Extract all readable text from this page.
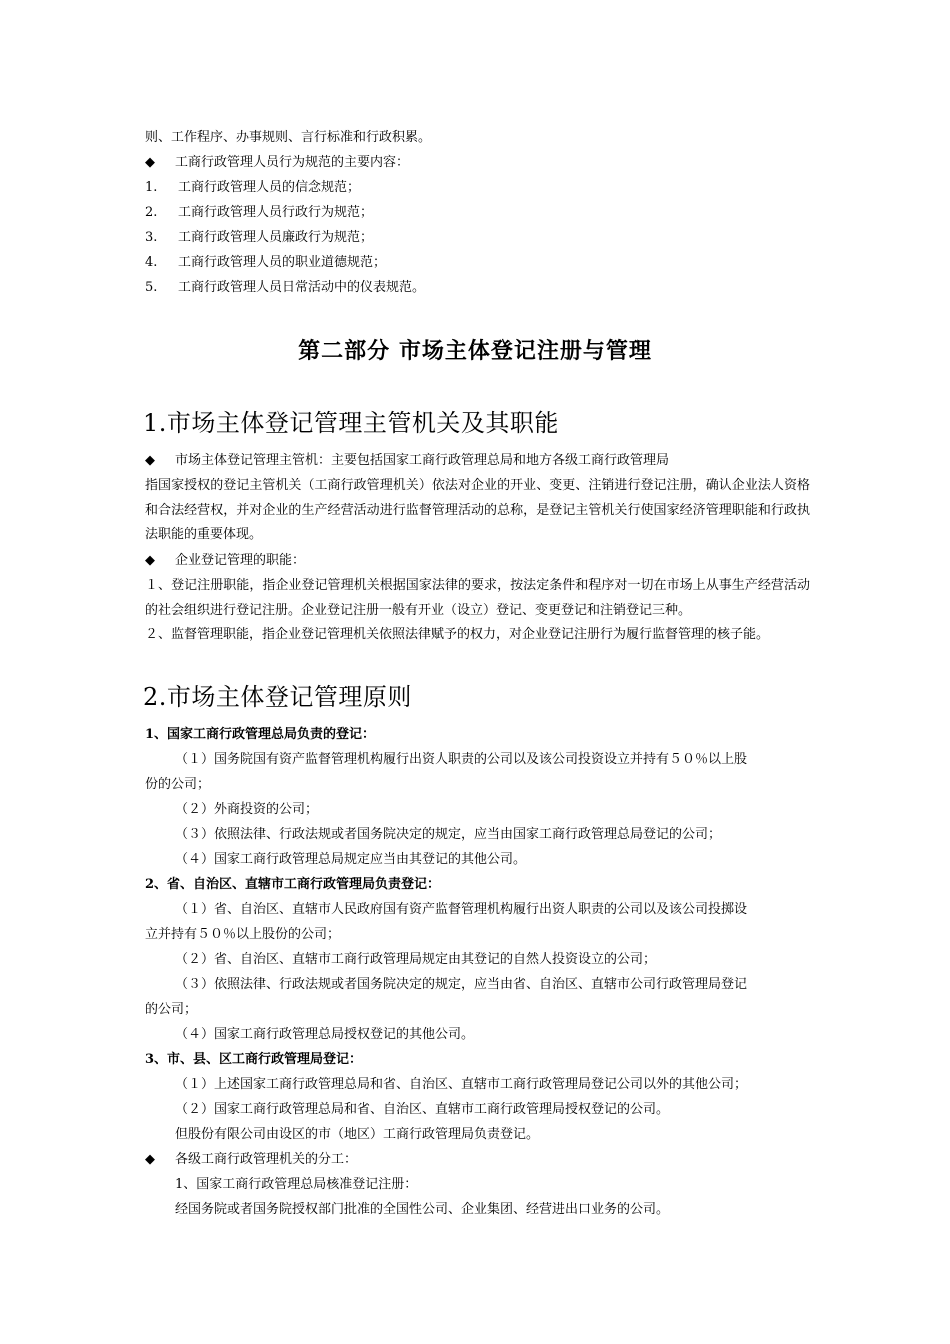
则、工作程序、办事规则、言行标准和行政积累。
◆ 工商行政管理人员行为规范的主要内容：
1. 工商行政管理人员的信念规范；
2. 工商行政管理人员行政行为规范；
3. 工商行政管理人员廉政行为规范；
4. 工商行政管理人员的职业道德规范；
5. 工商行政管理人员日常活动中的仪表规范。
第二部分 市场主体登记注册与管理
1.市场主体登记管理主管机关及其职能
◆ 市场主体登记管理主管机：主要包括国家工商行政管理总局和地方各级工商行政管理局
指国家授权的登记主管机关（工商行政管理机关）依法对企业的开业、变更、注销进行登记注册，确认企业法人资格和合法经营权，并对企业的生产经营活动进行监督管理活动的总称，是登记主管机关行使国家经济管理职能和行政执法职能的重要体现。
◆ 企业登记管理的职能：
１、登记注册职能，指企业登记管理机关根据国家法律的要求，按法定条件和程序对一切在市场上从事生产经营活动的社会组织进行登记注册。企业登记注册一般有开业（设立）登记、变更登记和注销登记三种。
２、监督管理职能，指企业登记管理机关依照法律赋予的权力，对企业登记注册行为履行监督管理的核子能。
2.市场主体登记管理原则
1、国家工商行政管理总局负责的登记：
（１）国务院国有资产监督管理机构履行出资人职责的公司以及该公司投资设立并持有５０％以上股
份的公司；
（２）外商投资的公司；
（３）依照法律、行政法规或者国务院决定的规定，应当由国家工商行政管理总局登记的公司；
（４）国家工商行政管理总局规定应当由其登记的其他公司。
2、省、自治区、直辖市工商行政管理局负责登记：
（１）省、自治区、直辖市人民政府国有资产监督管理机构履行出资人职责的公司以及该公司投掷设
立并持有５０％以上股份的公司；
（２）省、自治区、直辖市工商行政管理局规定由其登记的自然人投资设立的公司；
（３）依照法律、行政法规或者国务院决定的规定，应当由省、自治区、直辖市公司行政管理局登记
的公司；
（４）国家工商行政管理总局授权登记的其他公司。
3、市、县、区工商行政管理局登记：
（１）上述国家工商行政管理总局和省、自治区、直辖市工商行政管理局登记公司以外的其他公司；
（２）国家工商行政管理总局和省、自治区、直辖市工商行政管理局授权登记的公司。
但股份有限公司由设区的市（地区）工商行政管理局负责登记。
◆ 各级工商行政管理机关的分工：
1、国家工商行政管理总局核准登记注册：
经国务院或者国务院授权部门批准的全国性公司、企业集团、经营进出口业务的公司。
